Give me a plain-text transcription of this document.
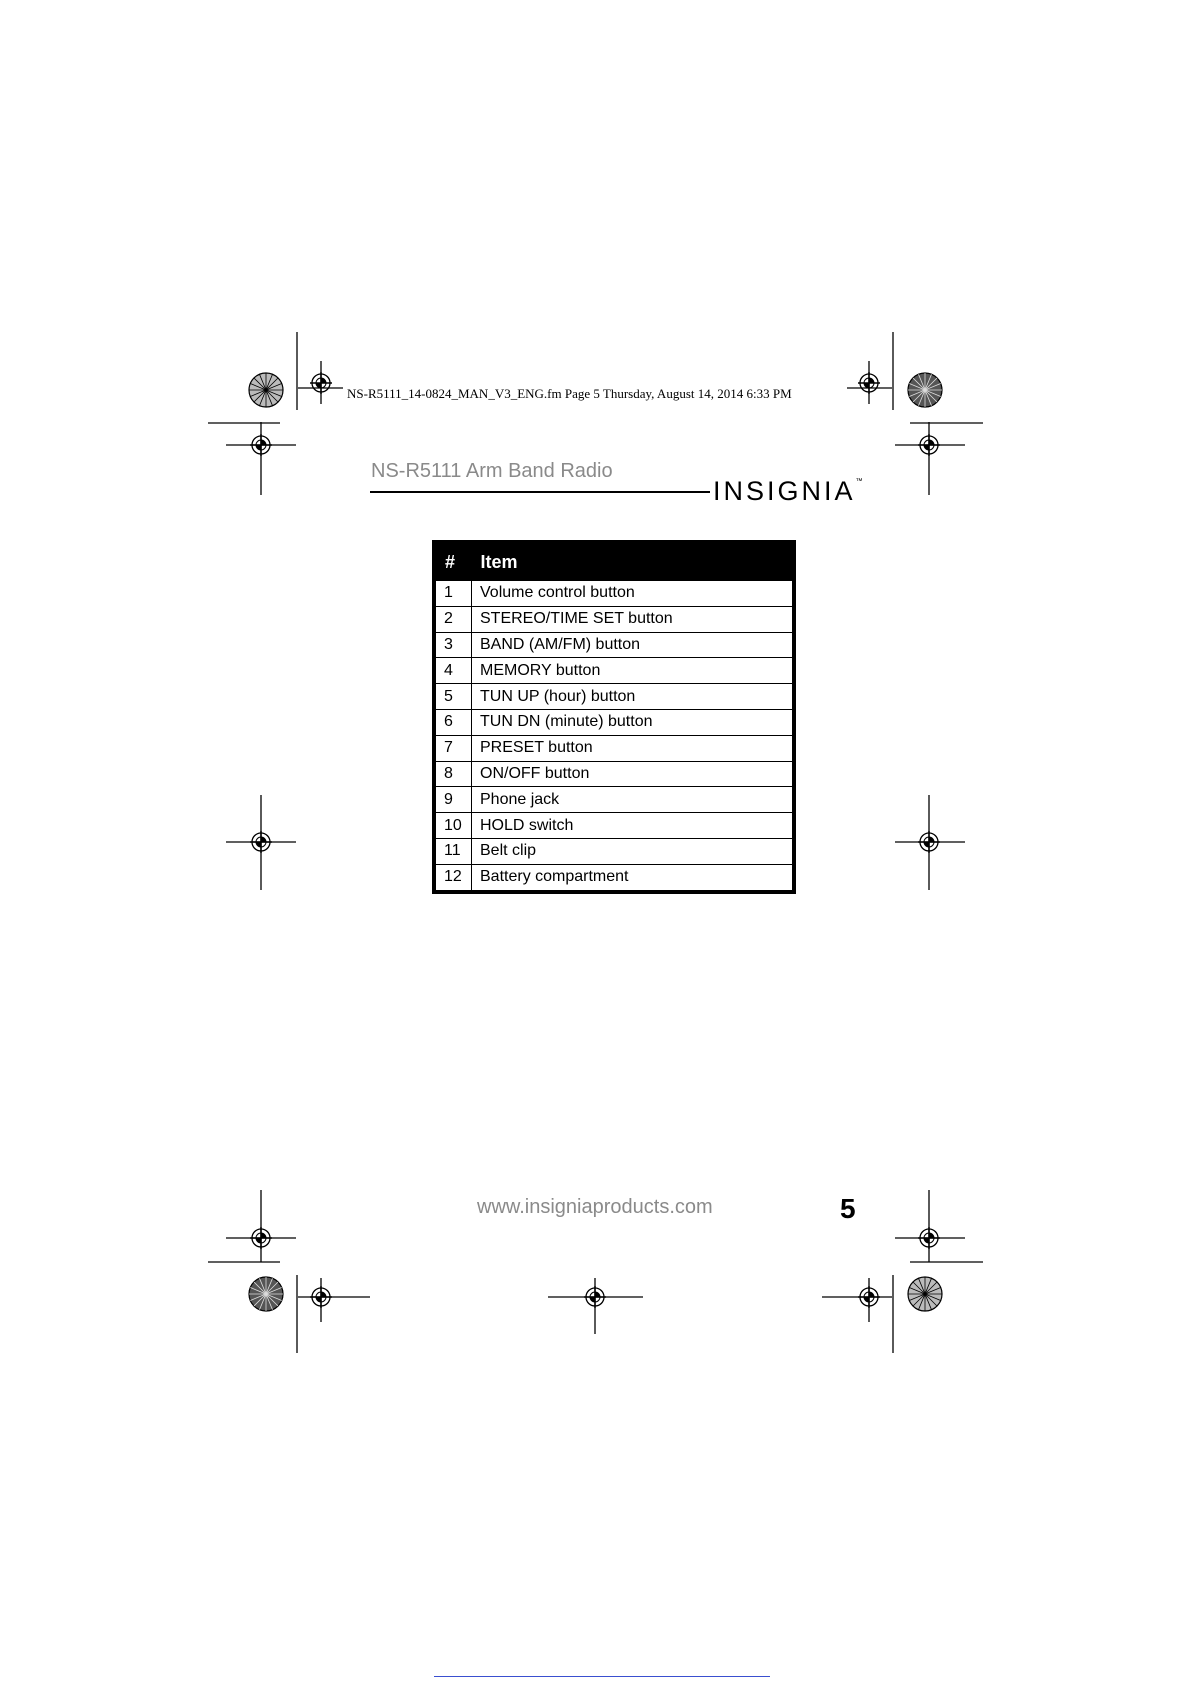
NS-R5111_14-0824_MAN_V3_ENG.fm Page 5 Thursday, August 14, 2014 6:33 PM
NS-R5111 Arm Band Radio
INSIGNIA™
#	Item
1	Volume control button
2	STEREO/TIME SET button
3	BAND (AM/FM) button
4	MEMORY button
5	TUN UP (hour) button
6	TUN DN (minute) button
7	PRESET button
8	ON/OFF button
9	Phone jack
10	HOLD switch
11	Belt clip
12	Battery compartment
www.insigniaproducts.com	5
